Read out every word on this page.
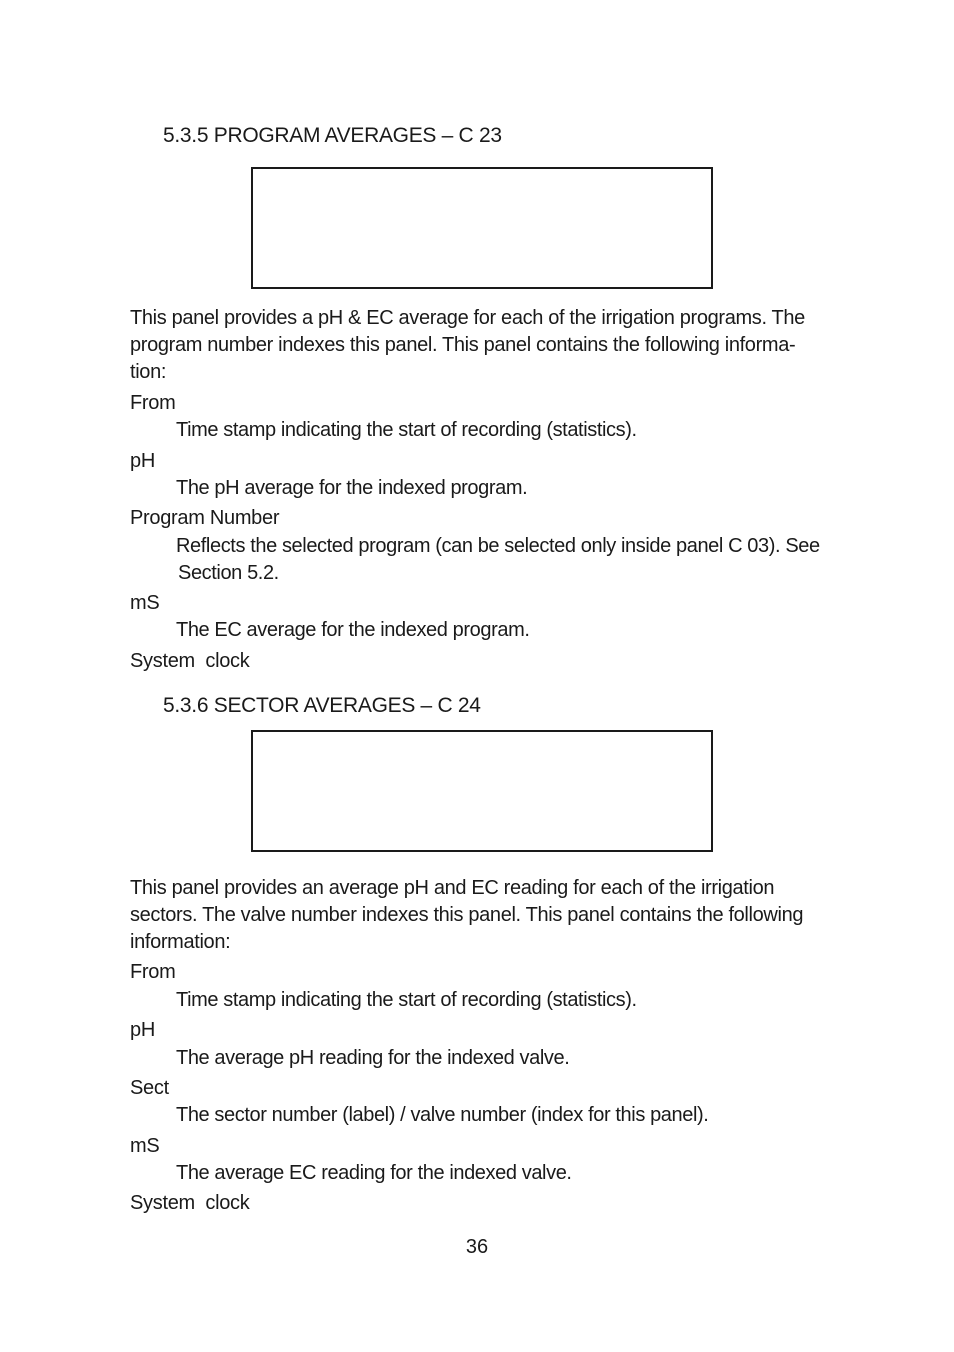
5.3.5 PROGRAM AVERAGES – C 23

This panel provides a pH & EC average for each of the irrigation programs. The
program number indexes this panel. This panel contains the following informa-
tion:

From

Time stamp indicating the start of recording (statistics).

pH

The pH average for the indexed program.

Program Number

Reflects the selected program (can be selected only inside panel C 03). See
Section 5.2.

mS

The EC average for the indexed program.

System  clock

5.3.6 SECTOR AVERAGES – C 24

This panel provides an average pH and EC reading for each of the irrigation
sectors. The valve number indexes this panel. This panel contains the following
information:

From

Time stamp indicating the start of recording (statistics).

pH

The average pH reading for the indexed valve.

Sect

The sector number (label) / valve number (index for this panel).

mS

The average EC reading for the indexed valve.

System  clock

36
